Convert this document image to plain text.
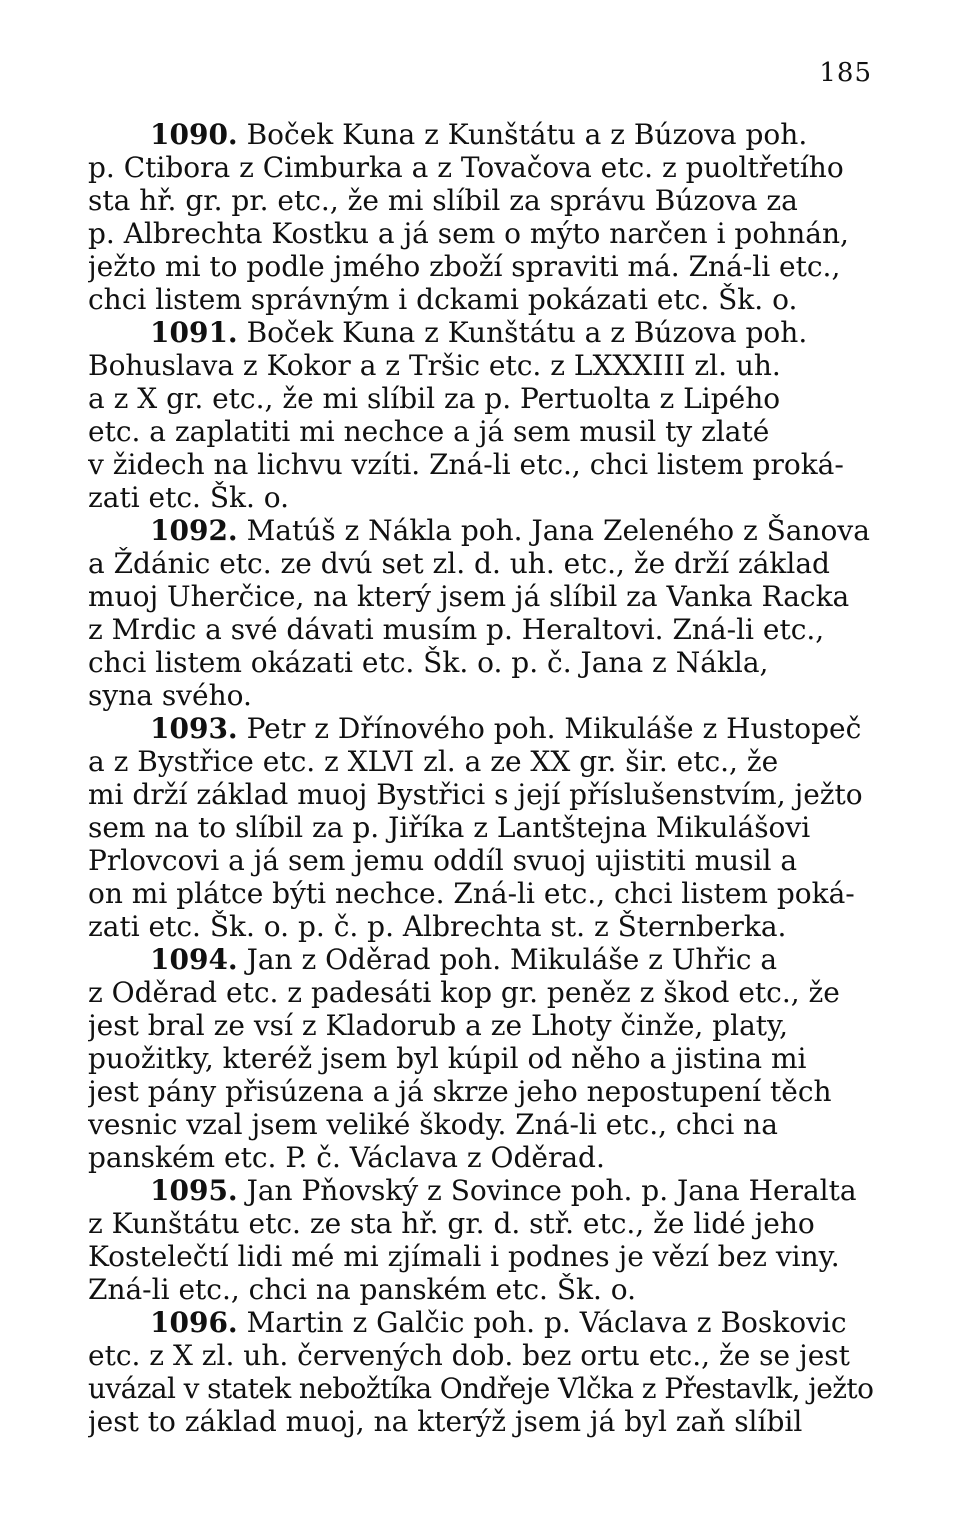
185
1090. Boček Kuna z Kunštátu a z Búzova poh.
p. Ctibora z Cimburka a z Tovačova etc. z puoltřetího
sta hř. gr. pr. etc., že mi slíbil za správu Búzova za
p. Albrechta Kostku a já sem o mýto narčen i pohnán,
ježto mi to podle jmého zboží spraviti má. Zná-li etc.,
chci listem správným i dckami pokázati etc. Šk. o.
1091. Boček Kuna z Kunštátu a z Búzova poh.
Bohuslava z Kokor a z Tršic etc. z LXXXIII zl. uh.
a z X gr. etc., že mi slíbil za p. Pertuolta z Lipého
etc. a zaplatiti mi nechce a já sem musil ty zlaté
v židech na lichvu vzíti. Zná-li etc., chci listem proká-
zati etc. Šk. o.
1092. Matúš z Nákla poh. Jana Zeleného z Šanova
a Ždánic etc. ze dvú set zl. d. uh. etc., že drží základ
muoj Uherčice, na který jsem já slíbil za Vanka Racka
z Mrdic a své dávati musím p. Heraltovi. Zná-li etc.,
chci listem okázati etc. Šk. o. p. č. Jana z Nákla,
syna svého.
1093. Petr z Dřínového poh. Mikuláše z Hustopeč
a z Bystřice etc. z XLVI zl. a ze XX gr. šir. etc., že
mi drží základ muoj Bystřici s její příslušenstvím, ježto
sem na to slíbil za p. Jiříka z Lantštejna Mikulášovi
Prlovcovi a já sem jemu oddíl svuoj ujistiti musil a
on mi plátce býti nechce. Zná-li etc., chci listem poká-
zati etc. Šk. o. p. č. p. Albrechta st. z Šternberka.
1094. Jan z Oděrad poh. Mikuláše z Uhřic a
z Oděrad etc. z padesáti kop gr. peněz z škod etc., že
jest bral ze vsí z Kladorub a ze Lhoty činže, platy,
puožitky, kteréž jsem byl kúpil od něho a jistina mi
jest pány přisúzena a já skrze jeho nepostupení těch
vesnic vzal jsem veliké škody. Zná-li etc., chci na
panském etc. P. č. Václava z Oděrad.
1095. Jan Pňovský z Sovince poh. p. Jana Heralta
z Kunštátu etc. ze sta hř. gr. d. stř. etc., že lidé jeho
Kostelečtí lidi mé mi zjímali i podnes je vězí bez viny.
Zná-li etc., chci na panském etc. Šk. o.
1096. Martin z Galčic poh. p. Václava z Boskovic
etc. z X zl. uh. červených dob. bez ortu etc., že se jest
uvázal v statek nebožtíka Ondřeje Vlčka z Přestavlk, ježto
jest to základ muoj, na kterýž jsem já byl zaň slíbil
